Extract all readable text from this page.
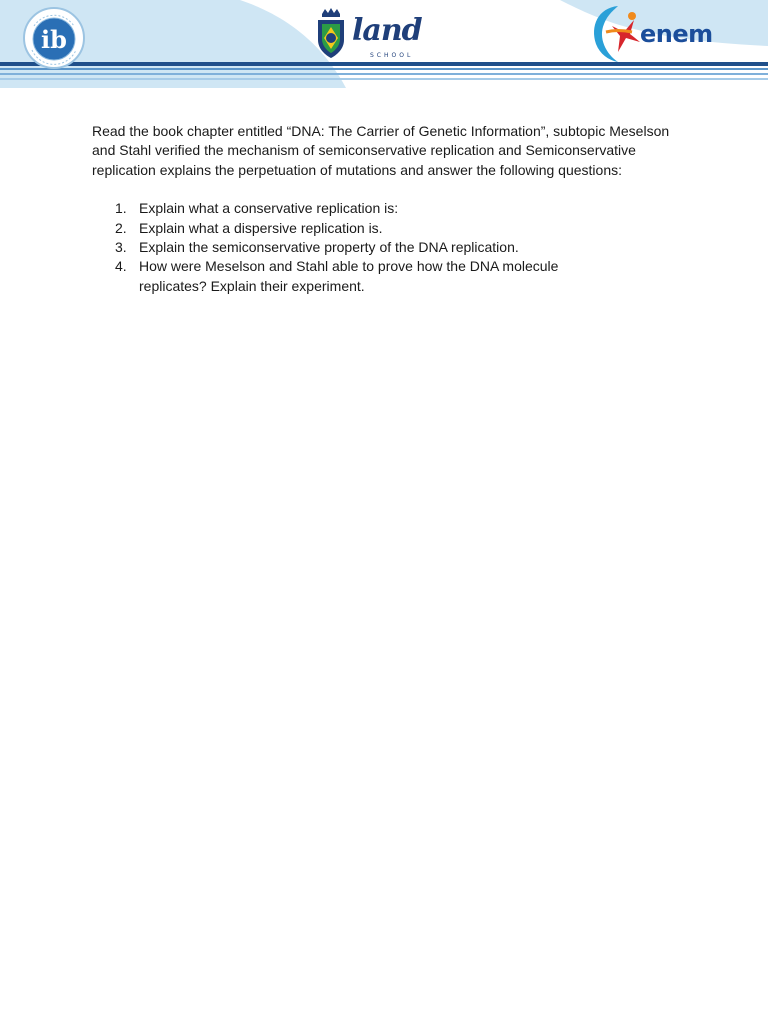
ib	land
SCHOOL
enem

Read the book chapter entitled “DNA: The Carrier of Genetic Information”, subtopic Meselson and Stahl verified the mechanism of semiconservative replication and Semiconservative replication explains the perpetuation of mutations and answer the following questions:

1. Explain what a conservative replication is:
2. Explain what a dispersive replication is.
3. Explain the semiconservative property of the DNA replication.
4. How were Meselson and Stahl able to prove how the DNA molecule replicates? Explain their experiment.
